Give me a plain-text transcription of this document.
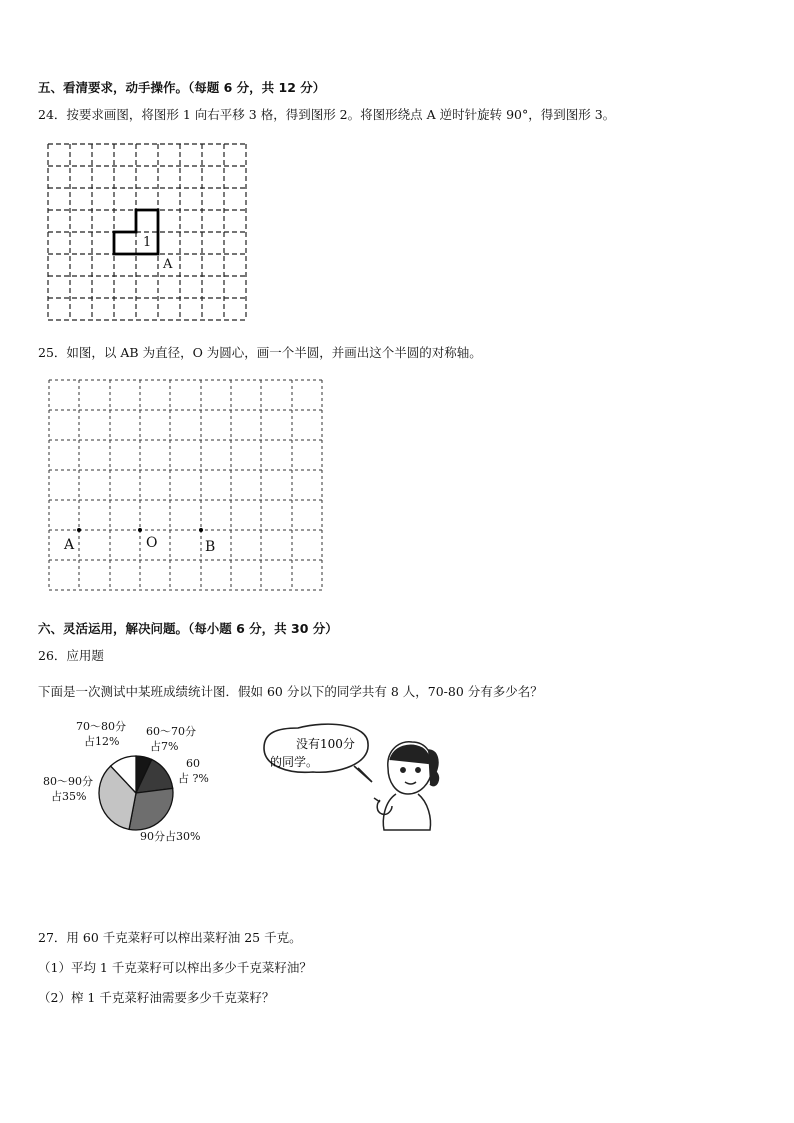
五、看清要求，动手操作。（每题 6 分，共 12 分）
24．按要求画图，将图形 1 向右平移 3 格，得到图形 2。将图形绕点 A 逆时针旋转 90°，得到图形 3。
1
A
25．如图，以 AB 为直径，O 为圆心，画一个半圆，并画出这个半圆的对称轴。
A	O	B
六、灵活运用，解决问题。（每小题 6 分，共 30 分）
26．应用题
下面是一次测试中某班成绩统计图．假如 60 分以下的同学共有 8 人，70-80 分有多少名？
70～80分 占12%
60～70分 占7%
60 占 ?%
80～90分 占35%
90分占30%
没有100分
的同学。
27．用 60 千克菜籽可以榨出菜籽油 25 千克。
（1）平均 1 千克菜籽可以榨出多少千克菜籽油？
（2）榨 1 千克菜籽油需要多少千克菜籽？
